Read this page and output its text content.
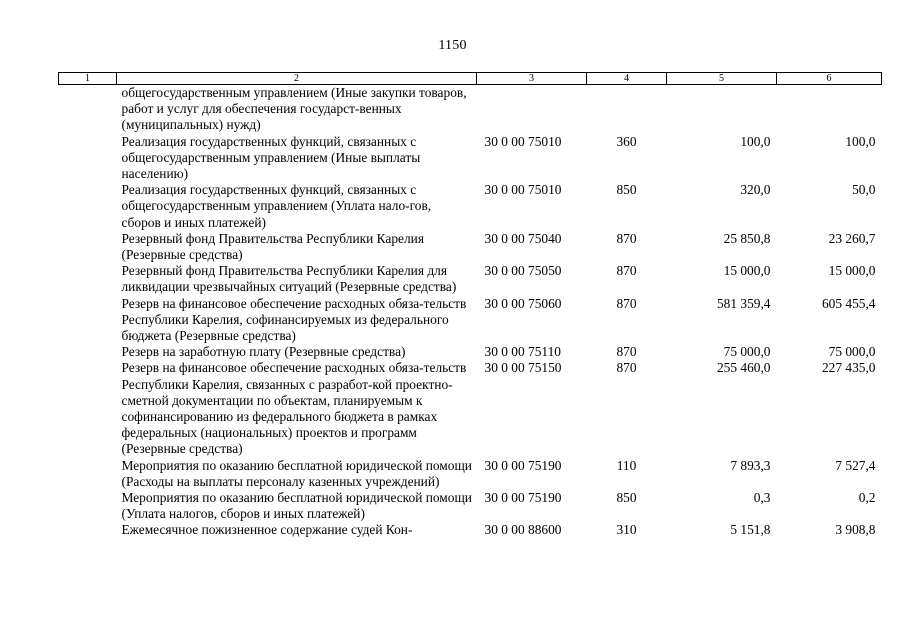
1150
1	2	3	4	5	6
	общегосударственным управлением (Иные закупки товаров, работ и услуг для обеспечения государст-венных (муниципальных) нужд)				
	Реализация государственных функций, связанных с общегосударственным управлением (Иные выплаты населению)	30 0 00 75010	360	100,0	100,0
	Реализация государственных функций, связанных с общегосударственным управлением (Уплата нало-гов, сборов и иных платежей)	30 0 00 75010	850	320,0	50,0
	Резервный фонд Правительства Республики Карелия (Резервные средства)	30 0 00 75040	870	25 850,8	23 260,7
	Резервный фонд Правительства Республики Карелия для ликвидации чрезвычайных ситуаций (Резервные средства)	30 0 00 75050	870	15 000,0	15 000,0
	Резерв на финансовое обеспечение расходных обяза-тельств Республики Карелия, софинансируемых из федерального бюджета (Резервные средства)	30 0 00 75060	870	581 359,4	605 455,4
	Резерв на заработную плату (Резервные средства)	30 0 00 75110	870	75 000,0	75 000,0
	Резерв на финансовое обеспечение расходных обяза-тельств Республики Карелия, связанных с разработ-кой проектно-сметной документации по объектам, планируемым к софинансированию из федерального бюджета в рамках федеральных (национальных) проектов и программ (Резервные средства)	30 0 00 75150	870	255 460,0	227 435,0
	Мероприятия по оказанию бесплатной юридической помощи (Расходы на выплаты персоналу казенных учреждений)	30 0 00 75190	110	7 893,3	7 527,4
	Мероприятия по оказанию бесплатной юридической помощи (Уплата налогов, сборов и иных платежей)	30 0 00 75190	850	0,3	0,2
	Ежемесячное пожизненное содержание судей Кон-	30 0 00 88600	310	5 151,8	3 908,8
